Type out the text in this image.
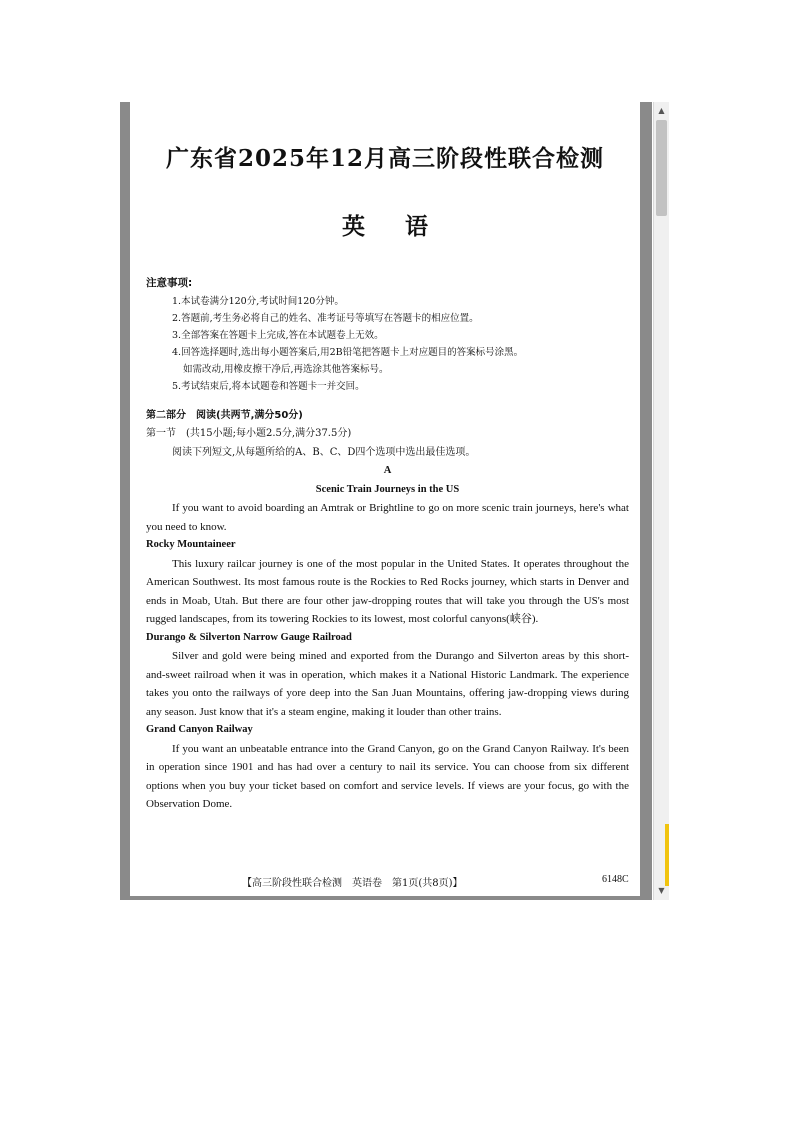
广东省2025年12月高三阶段性联合检测
英语

注意事项:

1.本试卷满分120分,考试时间120分钟。

2.答题前,考生务必将自己的姓名、准考证号等填写在答题卡的相应位置。

3.全部答案在答题卡上完成,答在本试题卷上无效。

4.回答选择题时,选出每小题答案后,用2B铅笔把答题卡上对应题目的答案标号涂黑。

如需改动,用橡皮擦干净后,再选涂其他答案标号。

5.考试结束后,将本试题卷和答题卡一并交回。

第二部分　阅读(共两节,满分50分)

第一节　(共15小题;每小题2.5分,满分37.5分)

阅读下列短文,从每题所给的A、B、C、D四个选项中选出最佳选项。

A

Scenic Train Journeys in the US

If you want to avoid boarding an Amtrak or Brightline to go on more scenic train journeys, here's what you need to know.

Rocky Mountaineer

This luxury railcar journey is one of the most popular in the United States. It operates throughout the American Southwest. Its most famous route is the Rockies to Red Rocks journey, which starts in Denver and ends in Moab, Utah. But there are four other jaw-dropping routes that will take you through the US's most rugged landscapes, from its towering Rockies to its lowest, most colorful canyons(峡谷).

Durango & Silverton Narrow Gauge Railroad

Silver and gold were being mined and exported from the Durango and Silverton areas by this short-and-sweet railroad when it was in operation, which makes it a National Historic Landmark. The experience takes you onto the railways of yore deep into the San Juan Mountains, offering jaw-dropping views during any season. Just know that it's a steam engine, making it louder than other trains.

Grand Canyon Railway

If you want an unbeatable entrance into the Grand Canyon, go on the Grand Canyon Railway. It's been in operation since 1901 and has had over a century to nail its service. You can choose from six different options when you buy your ticket based on comfort and service levels. If views are your focus, go with the Observation Dome.

【高三阶段性联合检测　英语卷　第1页(共8页)】	6148C
▲
▼
